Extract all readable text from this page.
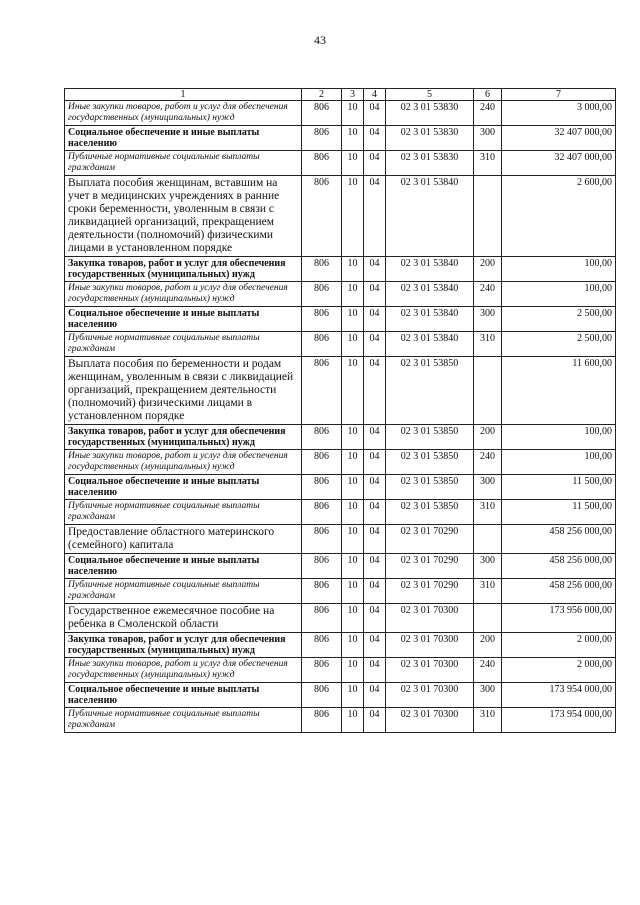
43
1	2	3	4	5	6	7
Иные закупки товаров, работ и услуг для обеспечения государственных (муниципальных) нужд	806	10	04	02 3 01 53830	240	3 000,00
Социальное обеспечение и иные выплаты населению	806	10	04	02 3 01 53830	300	32 407 000,00
Публичные нормативные социальные выплаты гражданам	806	10	04	02 3 01 53830	310	32 407 000,00
Выплата пособия женщинам, вставшим на учет в медицинских учреждениях в ранние сроки беременности, уволенным в связи с ликвидацией организаций, прекращением деятельности (полномочий) физическими лицами в установленном порядке	806	10	04	02 3 01 53840		2 600,00
Закупка товаров, работ и услуг для обеспечения государственных (муниципальных) нужд	806	10	04	02 3 01 53840	200	100,00
Иные закупки товаров, работ и услуг для обеспечения государственных (муниципальных) нужд	806	10	04	02 3 01 53840	240	100,00
Социальное обеспечение и иные выплаты населению	806	10	04	02 3 01 53840	300	2 500,00
Публичные нормативные социальные выплаты гражданам	806	10	04	02 3 01 53840	310	2 500,00
Выплата пособия по беременности и родам женщинам, уволенным в связи с ликвидацией организаций, прекращением деятельности (полномочий) физическими лицами в установленном порядке	806	10	04	02 3 01 53850		11 600,00
Закупка товаров, работ и услуг для обеспечения государственных (муниципальных) нужд	806	10	04	02 3 01 53850	200	100,00
Иные закупки товаров, работ и услуг для обеспечения государственных (муниципальных) нужд	806	10	04	02 3 01 53850	240	100,00
Социальное обеспечение и иные выплаты населению	806	10	04	02 3 01 53850	300	11 500,00
Публичные нормативные социальные выплаты гражданам	806	10	04	02 3 01 53850	310	11 500,00
Предоставление областного материнского (семейного) капитала	806	10	04	02 3 01 70290		458 256 000,00
Социальное обеспечение и иные выплаты населению	806	10	04	02 3 01 70290	300	458 256 000,00
Публичные нормативные социальные выплаты гражданам	806	10	04	02 3 01 70290	310	458 256 000,00
Государственное ежемесячное пособие на ребенка в Смоленской области	806	10	04	02 3 01 70300		173 956 000,00
Закупка товаров, работ и услуг для обеспечения государственных (муниципальных) нужд	806	10	04	02 3 01 70300	200	2 000,00
Иные закупки товаров, работ и услуг для обеспечения государственных (муниципальных) нужд	806	10	04	02 3 01 70300	240	2 000,00
Социальное обеспечение и иные выплаты населению	806	10	04	02 3 01 70300	300	173 954 000,00
Публичные нормативные социальные выплаты гражданам	806	10	04	02 3 01 70300	310	173 954 000,00
